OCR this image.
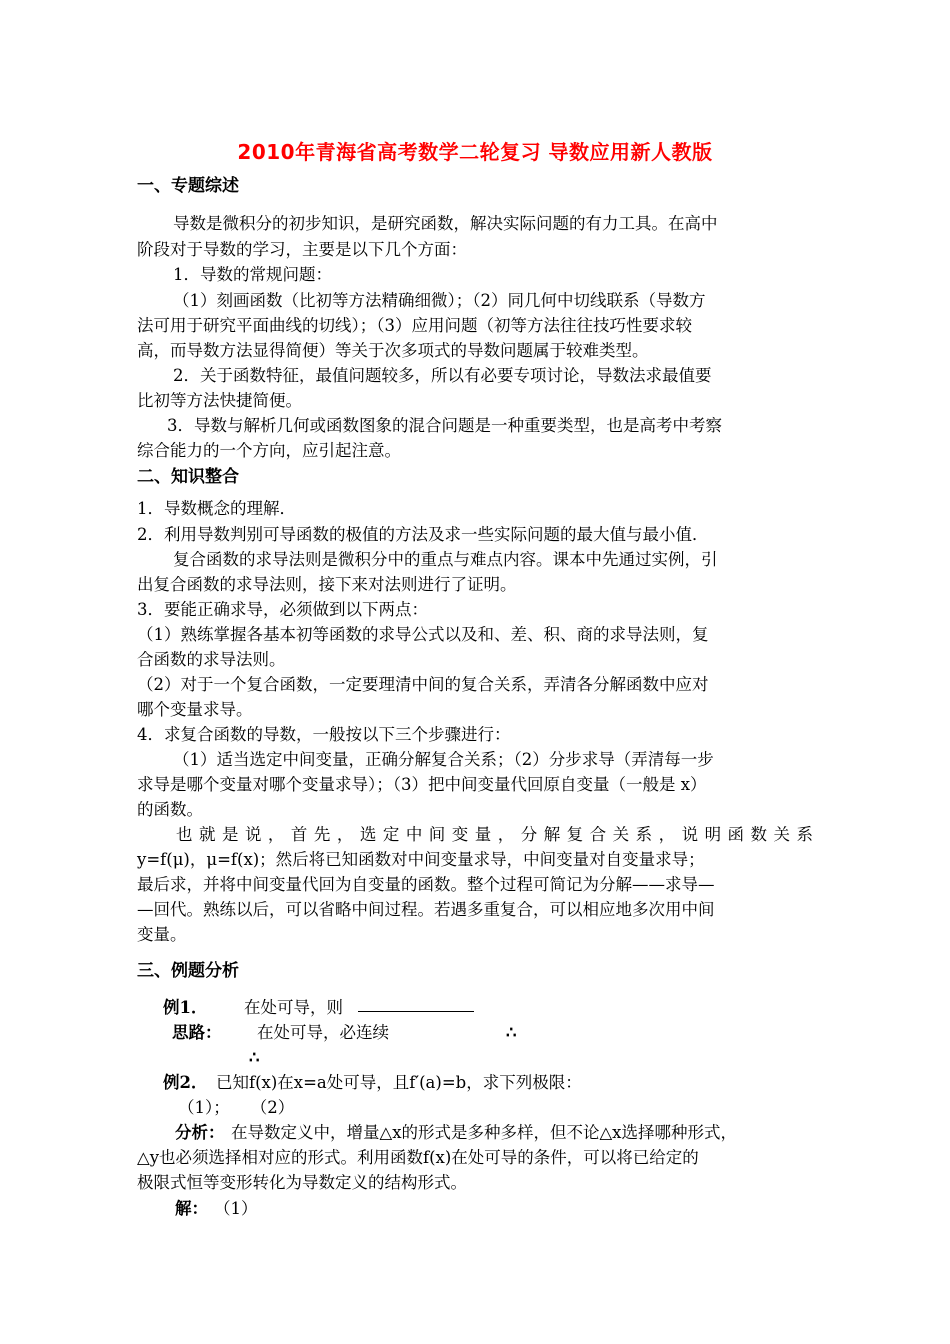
2010年青海省高考数学二轮复习 导数应用新人教版
一、专题综述
导数是微积分的初步知识，是研究函数，解决实际问题的有力工具。在高中
阶段对于导数的学习，主要是以下几个方面：
1．导数的常规问题：
（1）刻画函数（比初等方法精确细微）；（2）同几何中切线联系（导数方
法可用于研究平面曲线的切线）；（3）应用问题（初等方法往往技巧性要求较
高，而导数方法显得简便）等关于次多项式的导数问题属于较难类型。
2．关于函数特征，最值问题较多，所以有必要专项讨论，导数法求最值要
比初等方法快捷简便。
3．导数与解析几何或函数图象的混合问题是一种重要类型，也是高考中考察
综合能力的一个方向，应引起注意。
二、知识整合
1．导数概念的理解．
2．利用导数判别可导函数的极值的方法及求一些实际问题的最大值与最小值．
复合函数的求导法则是微积分中的重点与难点内容。课本中先通过实例，引
出复合函数的求导法则，接下来对法则进行了证明。
3．要能正确求导，必须做到以下两点：
（1）熟练掌握各基本初等函数的求导公式以及和、差、积、商的求导法则，复
合函数的求导法则。
（2）对于一个复合函数，一定要理清中间的复合关系，弄清各分解函数中应对
哪个变量求导。
4．求复合函数的导数，一般按以下三个步骤进行：
（1）适当选定中间变量，正确分解复合关系；（2）分步求导（弄清每一步
求导是哪个变量对哪个变量求导）；（3）把中间变量代回原自变量（一般是 x）
的函数。
也就是说，首先，选定中间变量，分解复合关系，说明函数关系
y=f(μ)，μ=f(x)；然后将已知函数对中间变量求导，中间变量对自变量求导；
最后求，并将中间变量代回为自变量的函数。整个过程可简记为分解——求导—
—回代。熟练以后，可以省略中间过程。若遇多重复合，可以相应地多次用中间
变量。
三、例题分析
例1．	在处可导，则
思路：	在处可导，必连续	∴
∴
例2． 已知f(x)在x=a处可导，且f′(a)=b，求下列极限：
（1）；    （2）
分析： 在导数定义中，增量△x的形式是多种多样，但不论△x选择哪种形式，
△y也必须选择相对应的形式。利用函数f(x)在处可导的条件，可以将已给定的
极限式恒等变形转化为导数定义的结构形式。
解： （1）
